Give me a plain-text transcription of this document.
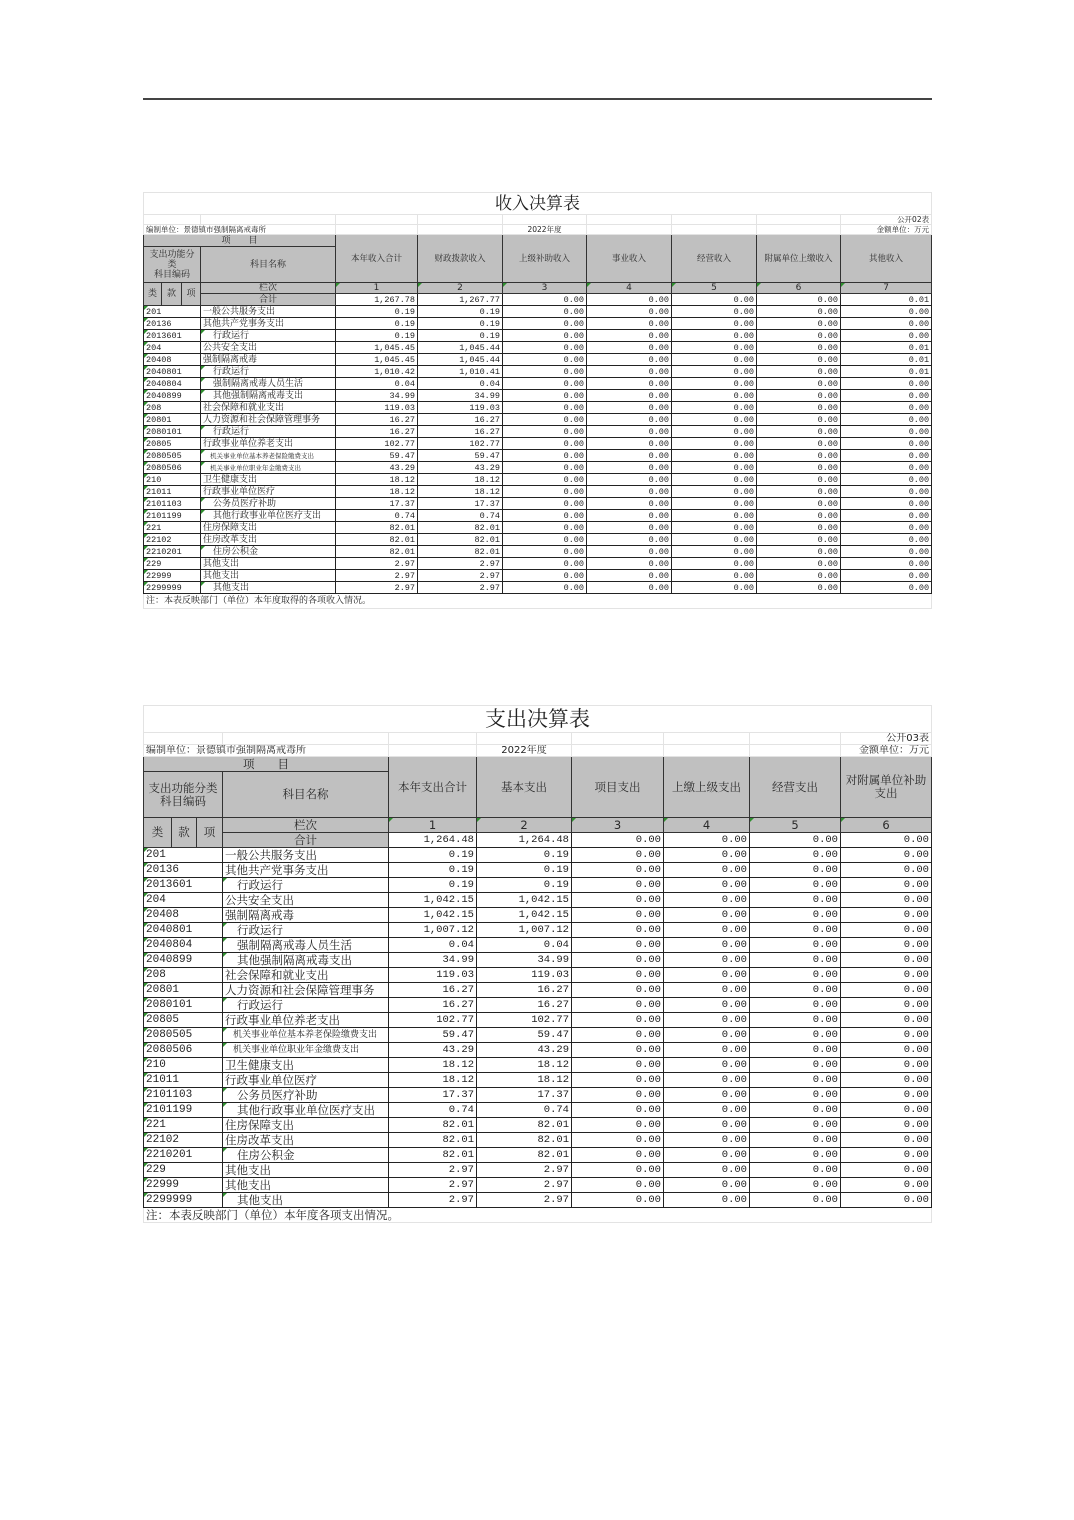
收入决算表										
										公开02表
编制单位：景德镇市强制隔离戒毒所						2022年度				金额单位：万元
项　　目				本年收入合计	财政拨款收入	上级补助收入	事业收入	经营收入	附属单位上缴收入	其他收入
支出功能分类
科目编码			科目名称							
类	款	项	栏次	1	2	3	4	5	6	7
			合计	1,267.78	1,267.77	0.00	0.00	0.00	0.00	0.01
201			一般公共服务支出	0.19	0.19	0.00	0.00	0.00	0.00	0.00
20136			其他共产党事务支出	0.19	0.19	0.00	0.00	0.00	0.00	0.00
2013601			行政运行	0.19	0.19	0.00	0.00	0.00	0.00	0.00
204			公共安全支出	1,045.45	1,045.44	0.00	0.00	0.00	0.00	0.01
20408			强制隔离戒毒	1,045.45	1,045.44	0.00	0.00	0.00	0.00	0.01
2040801			行政运行	1,010.42	1,010.41	0.00	0.00	0.00	0.00	0.01
2040804			强制隔离戒毒人员生活	0.04	0.04	0.00	0.00	0.00	0.00	0.00
2040899			其他强制隔离戒毒支出	34.99	34.99	0.00	0.00	0.00	0.00	0.00
208			社会保障和就业支出	119.03	119.03	0.00	0.00	0.00	0.00	0.00
20801			人力资源和社会保障管理事务	16.27	16.27	0.00	0.00	0.00	0.00	0.00
2080101			行政运行	16.27	16.27	0.00	0.00	0.00	0.00	0.00
20805			行政事业单位养老支出	102.77	102.77	0.00	0.00	0.00	0.00	0.00
2080505			机关事业单位基本养老保险缴费支出	59.47	59.47	0.00	0.00	0.00	0.00	0.00
2080506			机关事业单位职业年金缴费支出	43.29	43.29	0.00	0.00	0.00	0.00	0.00
210			卫生健康支出	18.12	18.12	0.00	0.00	0.00	0.00	0.00
21011			行政事业单位医疗	18.12	18.12	0.00	0.00	0.00	0.00	0.00
2101103			公务员医疗补助	17.37	17.37	0.00	0.00	0.00	0.00	0.00
2101199			其他行政事业单位医疗支出	0.74	0.74	0.00	0.00	0.00	0.00	0.00
221			住房保障支出	82.01	82.01	0.00	0.00	0.00	0.00	0.00
22102			住房改革支出	82.01	82.01	0.00	0.00	0.00	0.00	0.00
2210201			住房公积金	82.01	82.01	0.00	0.00	0.00	0.00	0.00
229			其他支出	2.97	2.97	0.00	0.00	0.00	0.00	0.00
22999			其他支出	2.97	2.97	0.00	0.00	0.00	0.00	0.00
2299999			其他支出	2.97	2.97	0.00	0.00	0.00	0.00	0.00
注：本表反映部门（单位）本年度取得的各项收入情况。										
支出决算表									
									公开03表
编制单位：景德镇市强制隔离戒毒所					2022年度				金额单位：万元
项　　目				本年支出合计	基本支出	项目支出	上缴上级支出	经营支出	对附属单位补助支出
支出功能分类
科目编码			科目名称						
类	款	项	栏次	1	2	3	4	5	6
			合计	1,264.48	1,264.48	0.00	0.00	0.00	0.00
201			一般公共服务支出	0.19	0.19	0.00	0.00	0.00	0.00
20136			其他共产党事务支出	0.19	0.19	0.00	0.00	0.00	0.00
2013601			行政运行	0.19	0.19	0.00	0.00	0.00	0.00
204			公共安全支出	1,042.15	1,042.15	0.00	0.00	0.00	0.00
20408			强制隔离戒毒	1,042.15	1,042.15	0.00	0.00	0.00	0.00
2040801			行政运行	1,007.12	1,007.12	0.00	0.00	0.00	0.00
2040804			强制隔离戒毒人员生活	0.04	0.04	0.00	0.00	0.00	0.00
2040899			其他强制隔离戒毒支出	34.99	34.99	0.00	0.00	0.00	0.00
208			社会保障和就业支出	119.03	119.03	0.00	0.00	0.00	0.00
20801			人力资源和社会保障管理事务	16.27	16.27	0.00	0.00	0.00	0.00
2080101			行政运行	16.27	16.27	0.00	0.00	0.00	0.00
20805			行政事业单位养老支出	102.77	102.77	0.00	0.00	0.00	0.00
2080505			机关事业单位基本养老保险缴费支出	59.47	59.47	0.00	0.00	0.00	0.00
2080506			机关事业单位职业年金缴费支出	43.29	43.29	0.00	0.00	0.00	0.00
210			卫生健康支出	18.12	18.12	0.00	0.00	0.00	0.00
21011			行政事业单位医疗	18.12	18.12	0.00	0.00	0.00	0.00
2101103			公务员医疗补助	17.37	17.37	0.00	0.00	0.00	0.00
2101199			其他行政事业单位医疗支出	0.74	0.74	0.00	0.00	0.00	0.00
221			住房保障支出	82.01	82.01	0.00	0.00	0.00	0.00
22102			住房改革支出	82.01	82.01	0.00	0.00	0.00	0.00
2210201			住房公积金	82.01	82.01	0.00	0.00	0.00	0.00
229			其他支出	2.97	2.97	0.00	0.00	0.00	0.00
22999			其他支出	2.97	2.97	0.00	0.00	0.00	0.00
2299999			其他支出	2.97	2.97	0.00	0.00	0.00	0.00
注：本表反映部门（单位）本年度各项支出情况。									
